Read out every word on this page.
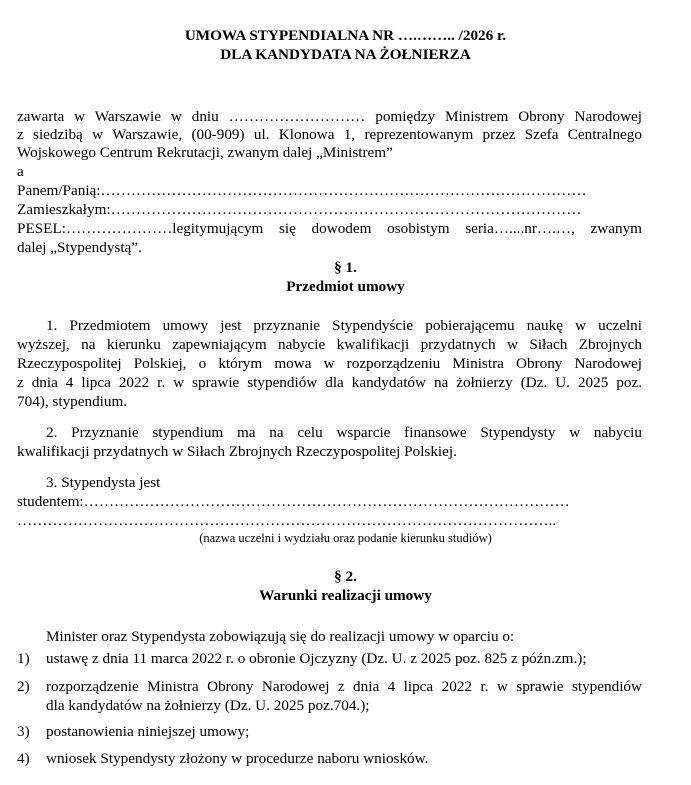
UMOWA STYPENDIALNA NR ….…….. /2026 r.
DLA KANDYDATA NA ŻOŁNIERZA
zawarta w Warszawie w dniu ……………………… pomiędzy Ministrem Obrony Narodowej
z siedzibą w Warszawie, (00-909) ul. Klonowa 1, reprezentowanym przez Szefa Centralnego
Wojskowego Centrum Rekrutacji, zwanym dalej „Ministrem”
a
Panem/Panią:……………………………………………………………………………………
Zamieszkałym:…………………………………………………………………………………
PESEL:…………………legitymującym się dowodem osobistym seria…....nr….…, zwanym
dalej „Stypendystą”.
§ 1.
Przedmiot umowy
1. Przedmiotem umowy jest przyznanie Stypendyście pobierającemu naukę w uczelni
wyższej, na kierunku zapewniającym nabycie kwalifikacji przydatnych w Siłach Zbrojnych
Rzeczypospolitej Polskiej, o którym mowa w rozporządzeniu Ministra Obrony Narodowej
z dnia 4 lipca 2022 r. w sprawie stypendiów dla kandydatów na żołnierzy (Dz. U. 2025 poz.
704), stypendium.
2. Przyznanie stypendium ma na celu wsparcie finansowe Stypendysty w nabyciu
kwalifikacji przydatnych w Siłach Zbrojnych Rzeczypospolitej Polskiej.
3. Stypendysta jest
studentem:……………………………………………………………………………………
……………………………………………………………………………………………..
(nazwa uczelni i wydziału oraz podanie kierunku studiów)
§ 2.
Warunki realizacji umowy
Minister oraz Stypendysta zobowiązują się do realizacji umowy w oparciu o:
1) ustawę z dnia 11 marca 2022 r. o obronie Ojczyzny (Dz. U. z 2025 poz. 825 z późn.zm.);
2) rozporządzenie Ministra Obrony Narodowej z dnia 4 lipca 2022 r. w sprawie stypendiów
dla kandydatów na żołnierzy (Dz. U. 2025 poz.704.);
3) postanowienia niniejszej umowy;
4) wniosek Stypendysty złożony w procedurze naboru wniosków.
